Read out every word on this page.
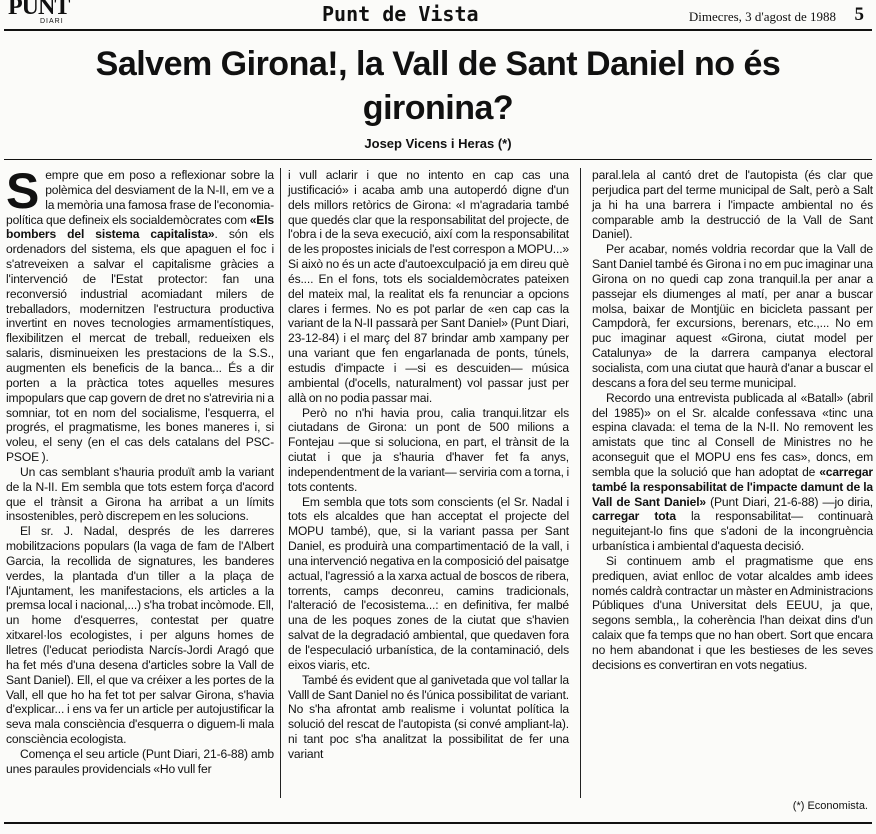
PUNT
DIARI	Punt de Vista	Dimecres, 3 d'agost de 1988 5
Salvem Girona!, la Vall de Sant Daniel no és gironina?
Josep Vicens i Heras (*)

Sempre que em poso a reflexionar sobre la polèmica del desviament de la N-II, em ve a la memòria una famosa frase de l'economia-política que defineix els socialdemòcrates com «Els bombers del sistema capitalista». són els ordenadors del sistema, els que apaguen el foc i s'atreveixen a salvar el capitalisme gràcies a l'intervenció de l'Estat protector: fan una reconversió industrial acomiadant milers de treballadors, modernitzen l'estructura productiva invertint en noves tecnologies armamentístiques, flexibilitzen el mercat de treball, redueixen els salaris, disminueixen les prestacions de la S.S., augmenten els beneficis de la banca... És a dir porten a la pràctica totes aquelles mesures impopulars que cap govern de dret no s'atreviria ni a somniar, tot en nom del socialisme, l'esquerra, el progrés, el pragmatisme, les bones maneres i, si voleu, el seny (en el cas dels catalans del PSC-PSOE ).

Un cas semblant s'hauria produït amb la variant de la N-II. Em sembla que tots estem força d'acord que el trànsit a Girona ha arribat a un límits insostenibles, però discrepem en les solucions.

El sr. J. Nadal, després de les darreres mobilitzacions populars (la vaga de fam de l'Albert Garcia, la recollida de signatures, les banderes verdes, la plantada d'un tiller a la plaça de l'Ajuntament, les manifestacions, els articles a la premsa local i nacional,...) s'ha trobat incòmode. Ell, un home d'esquerres, contestat per quatre xitxarel·los ecologistes, i per alguns homes de lletres (l'educat periodista Narcís-Jordi Aragó que ha fet més d'una desena d'articles sobre la Vall de Sant Daniel). Ell, el que va créixer a les portes de la Vall, ell que ho ha fet tot per salvar Girona, s'havia d'explicar... i ens va fer un article per autojustificar la seva mala consciència d'esquerra o diguem-li mala consciència ecologista.

Comença el seu article (Punt Diari, 21-6-88) amb unes paraules providencials «Ho vull fer

i vull aclarir i que no intento en cap cas una justificació» i acaba amb una autoperdó digne d'un dels millors retòrics de Girona: «I m'agradaria també que quedés clar que la responsabilitat del projecte, de l'obra i de la seva execució, així com la responsabilitat de les propostes inicials de l'est correspon a MOPU...» Si això no és un acte d'autoexculpació ja em direu què és.... En el fons, tots els socialdemòcrates pateixen del mateix mal, la realitat els fa renunciar a opcions clares i fermes. No es pot parlar de «en cap cas la variant de la N-II passarà per Sant Daniel» (Punt Diari, 23-12-84) i el març del 87 brindar amb xampany per una variant que fen engarlanada de ponts, túnels, estudis d'impacte i —si es descuiden— música ambiental (d'ocells, naturalment) vol passar just per allà on no podia passar mai.

Però no n'hi havia prou, calia tranqui.litzar els ciutadans de Girona: un pont de 500 milions a Fontejau —que si soluciona, en part, el trànsit de la ciutat i que ja s'hauria d'haver fet fa anys, independentment de la variant— serviria com a torna, i tots contents.

Em sembla que tots som conscients (el Sr. Nadal i tots els alcaldes que han acceptat el projecte del MOPU també), que, si la variant passa per Sant Daniel, es produirà una compartimentació de la vall, i una intervenció negativa en la composició del paisatge actual, l'agressió a la xarxa actual de boscos de ribera, torrents, camps deconreu, camins tradicionals, l'alteració de l'ecosistema...: en definitiva, fer malbé una de les poques zones de la ciutat que s'havien salvat de la degradació ambiental, que quedaven fora de l'especulació urbanística, de la contaminació, dels eixos viaris, etc.

També és evident que al ganivetada que vol tallar la Valll de Sant Daniel no és l'única possibilitat de variant. No s'ha afrontat amb realisme i voluntat política la solució del rescat de l'autopista (si convé ampliant-la). ni tant poc s'ha analitzat la possibilitat de fer una variant

paral.lela al cantó dret de l'autopista (és clar que perjudica part del terme municipal de Salt, però a Salt ja hi ha una barrera i l'impacte ambiental no és comparable amb la destrucció de la Vall de Sant Daniel).

Per acabar, només voldria recordar que la Vall de Sant Daniel també és Girona i no em puc imaginar una Girona on no quedi cap zona tranquil.la per anar a passejar els diumenges al matí, per anar a buscar molsa, baixar de Montjüic en bicicleta passant per Campdorà, fer excursions, berenars, etc.,... No em puc imaginar aquest «Girona, ciutat model per Catalunya» de la darrera campanya electoral socialista, com una ciutat que haurà d'anar a buscar el descans a fora del seu terme municipal.

Recordo una entrevista publicada al «Batall» (abril del 1985)» on el Sr. alcalde confessava «tinc una espina clavada: el tema de la N-II. No removent les amistats que tinc al Consell de Ministres no he aconseguit que el MOPU ens fes cas», doncs, em sembla que la solució que han adoptat de «carregar també la responsabilitat de l'impacte damunt de la Vall de Sant Daniel» (Punt Diari, 21-6-88) —jo diria, carregar tota la responsabilitat— continuarà neguitejant-lo fins que s'adoni de la incongruència urbanística i ambiental d'aquesta decisió.

Si continuem amb el pragmatisme que ens prediquen, aviat enlloc de votar alcaldes amb idees només caldrà contractar un màster en Administracions Públiques d'una Universitat dels EEUU, ja que, segons sembla,, la coherència l'han deixat dins d'un calaix que fa temps que no han obert. Sort que encara no hem abandonat i que les bestieses de les seves decisions es convertiran en vots negatius.

(*) Economista.
